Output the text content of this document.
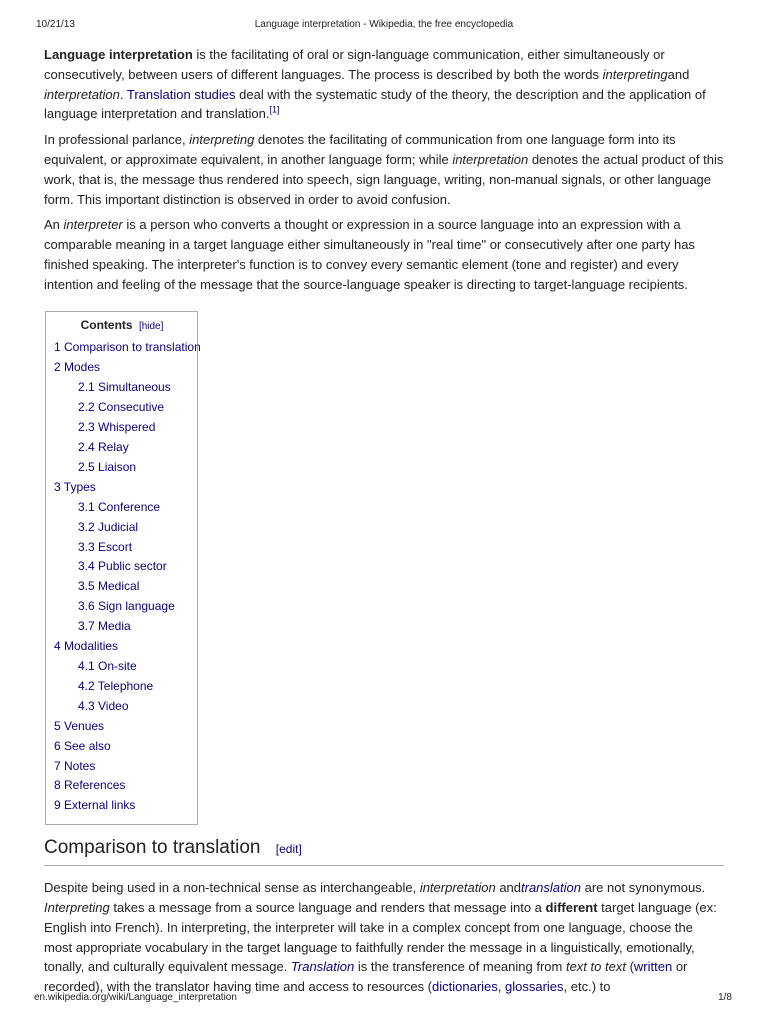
10/21/13	Language interpretation - Wikipedia, the free encyclopedia

Language interpretation is the facilitating of oral or sign-language communication, either simultaneously or consecutively, between users of different languages. The process is described by both the words interpretingand interpretation. Translation studies deal with the systematic study of the theory, the description and the application of language interpretation and translation.[1]

In professional parlance, interpreting denotes the facilitating of communication from one language form into its equivalent, or approximate equivalent, in another language form; while interpretation denotes the actual product of this work, that is, the message thus rendered into speech, sign language, writing, non-manual signals, or other language form. This important distinction is observed in order to avoid confusion.

An interpreter is a person who converts a thought or expression in a source language into an expression with a comparable meaning in a target language either simultaneously in "real time" or consecutively after one party has finished speaking. The interpreter's function is to convey every semantic element (tone and register) and every intention and feeling of the message that the source-language speaker is directing to target-language recipients.

Contents [hide]
1 Comparison to translation
2 Modes
2.1 Simultaneous
2.2 Consecutive
2.3 Whispered
2.4 Relay
2.5 Liaison
3 Types
3.1 Conference
3.2 Judicial
3.3 Escort
3.4 Public sector
3.5 Medical
3.6 Sign language
3.7 Media
4 Modalities
4.1 On-site
4.2 Telephone
4.3 Video
5 Venues
6 See also
7 Notes
8 References
9 External links
Comparison to translation [edit]

Despite being used in a non-technical sense as interchangeable, interpretation andtranslation are not synonymous. Interpreting takes a message from a source language and renders that message into a different target language (ex: English into French). In interpreting, the interpreter will take in a complex concept from one language, choose the most appropriate vocabulary in the target language to faithfully render the message in a linguistically, emotionally, tonally, and culturally equivalent message. Translation is the transference of meaning from text to text (written or recorded), with the translator having time and access to resources (dictionaries, glossaries, etc.) to

en.wikipedia.org/wiki/Language_interpretation	1/8
